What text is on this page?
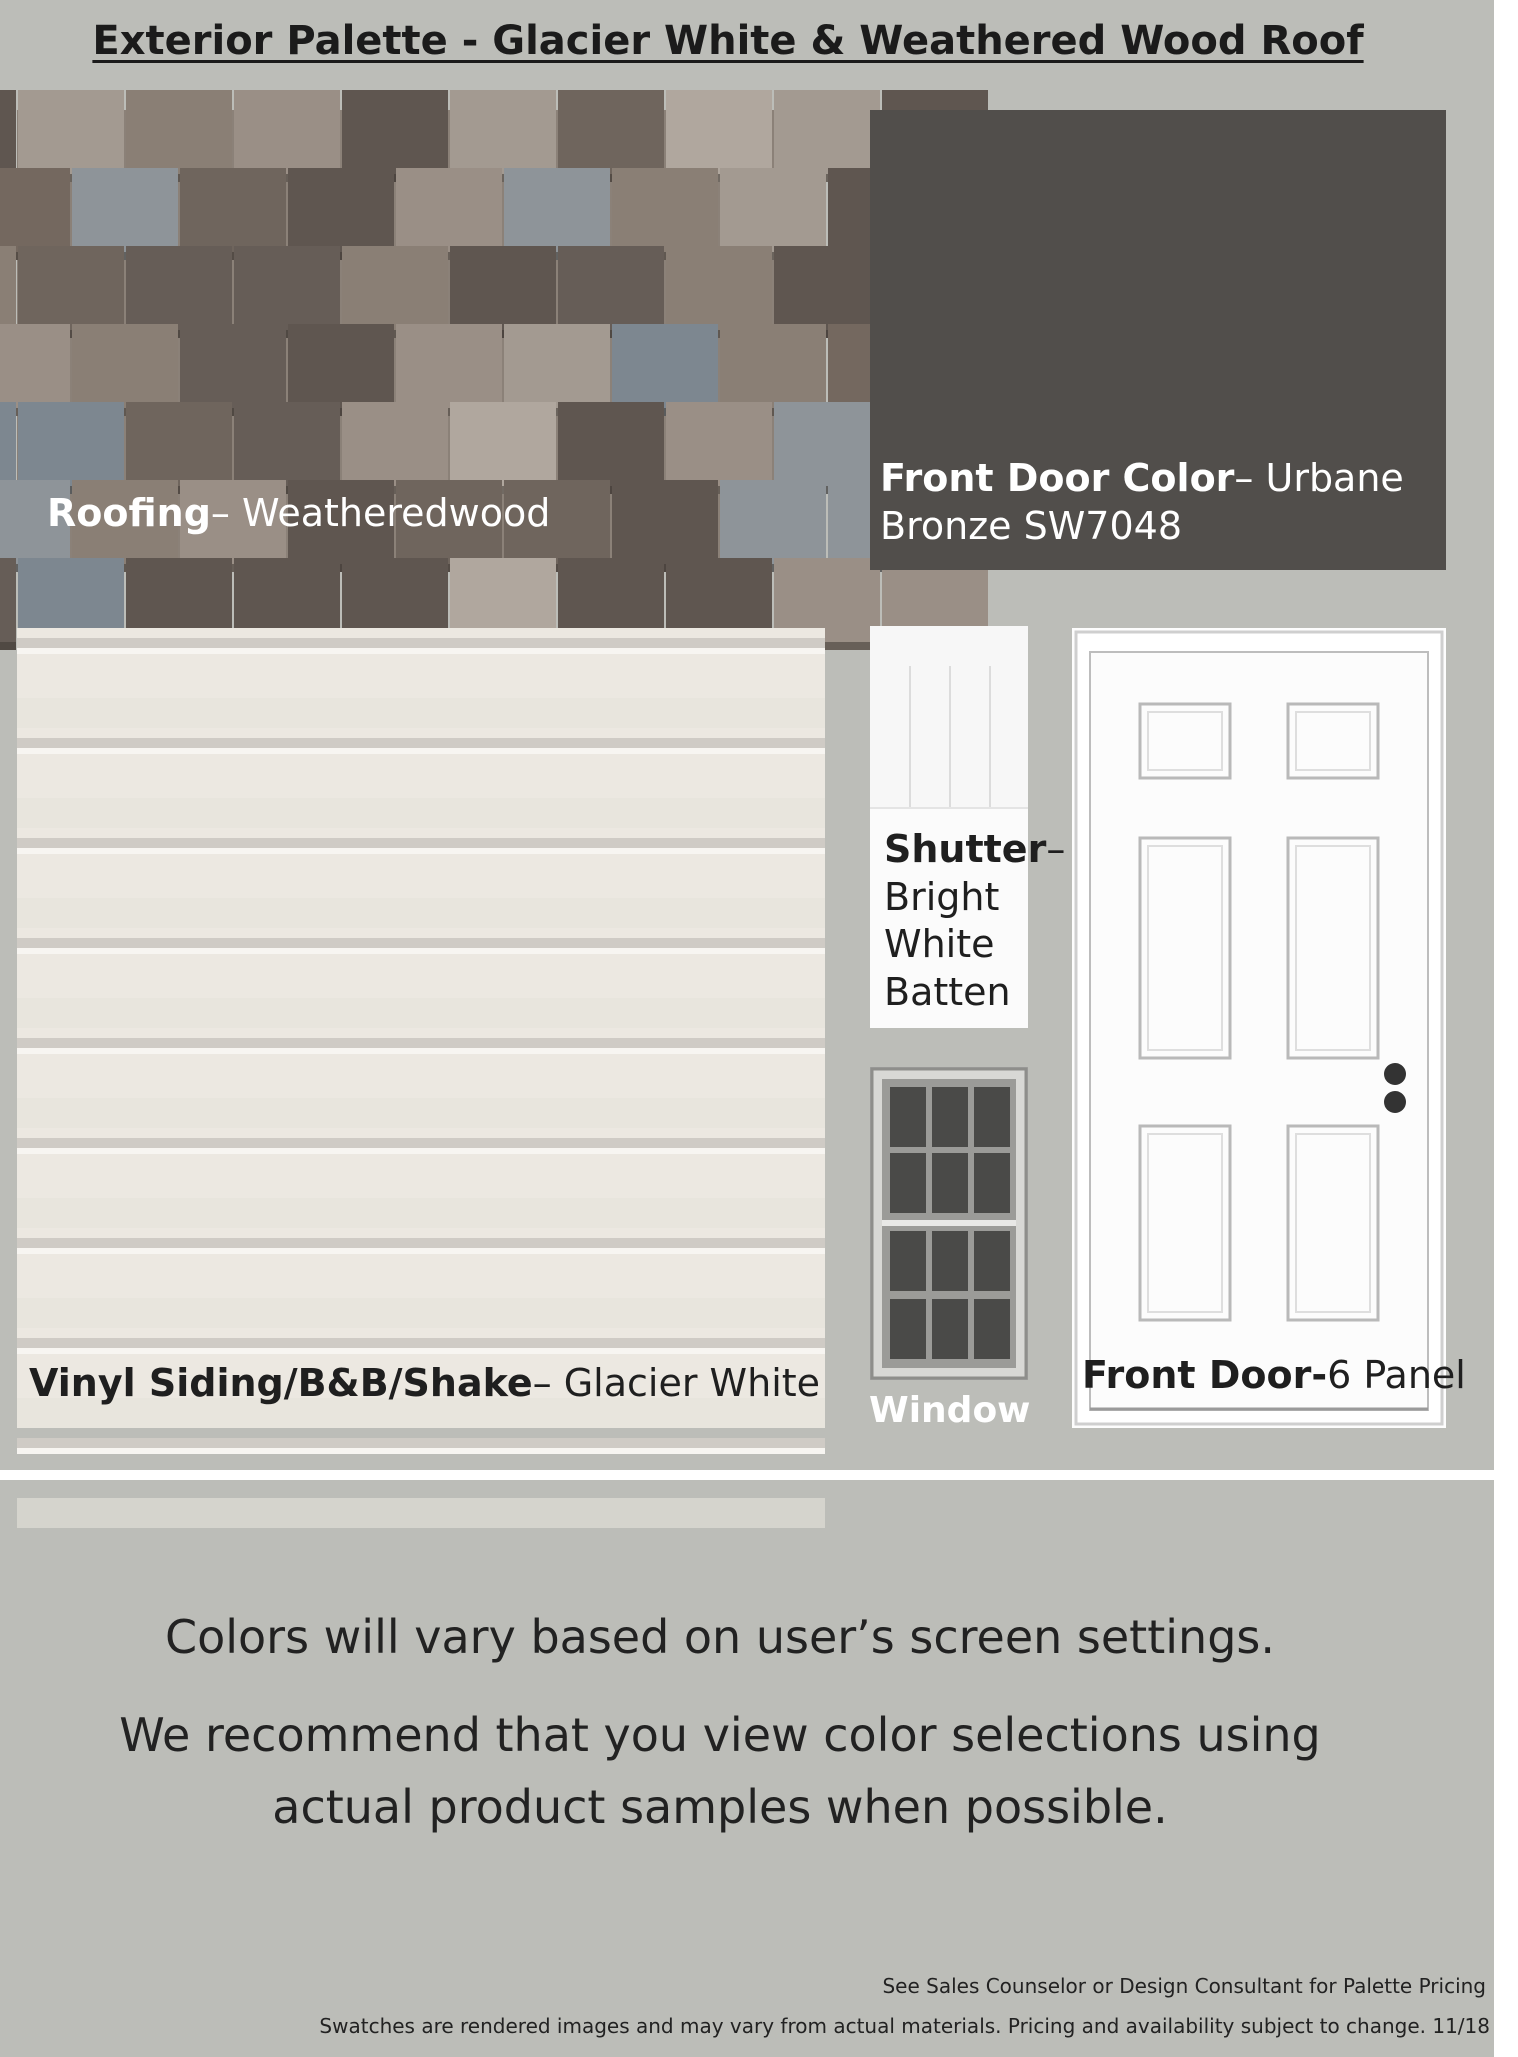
Exterior Palette - Glacier White & Weathered Wood Roof
Roofing– Weatheredwood
Front Door Color– Urbane
Bronze SW7048
Vinyl Siding/B&B/Shake– Glacier White
Shutter–
Bright
White
Batten
Window
Front Door-6 Panel
Colors will vary based on user’s screen settings.
We recommend that you view color selections using
actual product samples when possible.
See Sales Counselor or Design Consultant for Palette Pricing
Swatches are rendered images and may vary from actual materials. Pricing and availability subject to change. 11/18
